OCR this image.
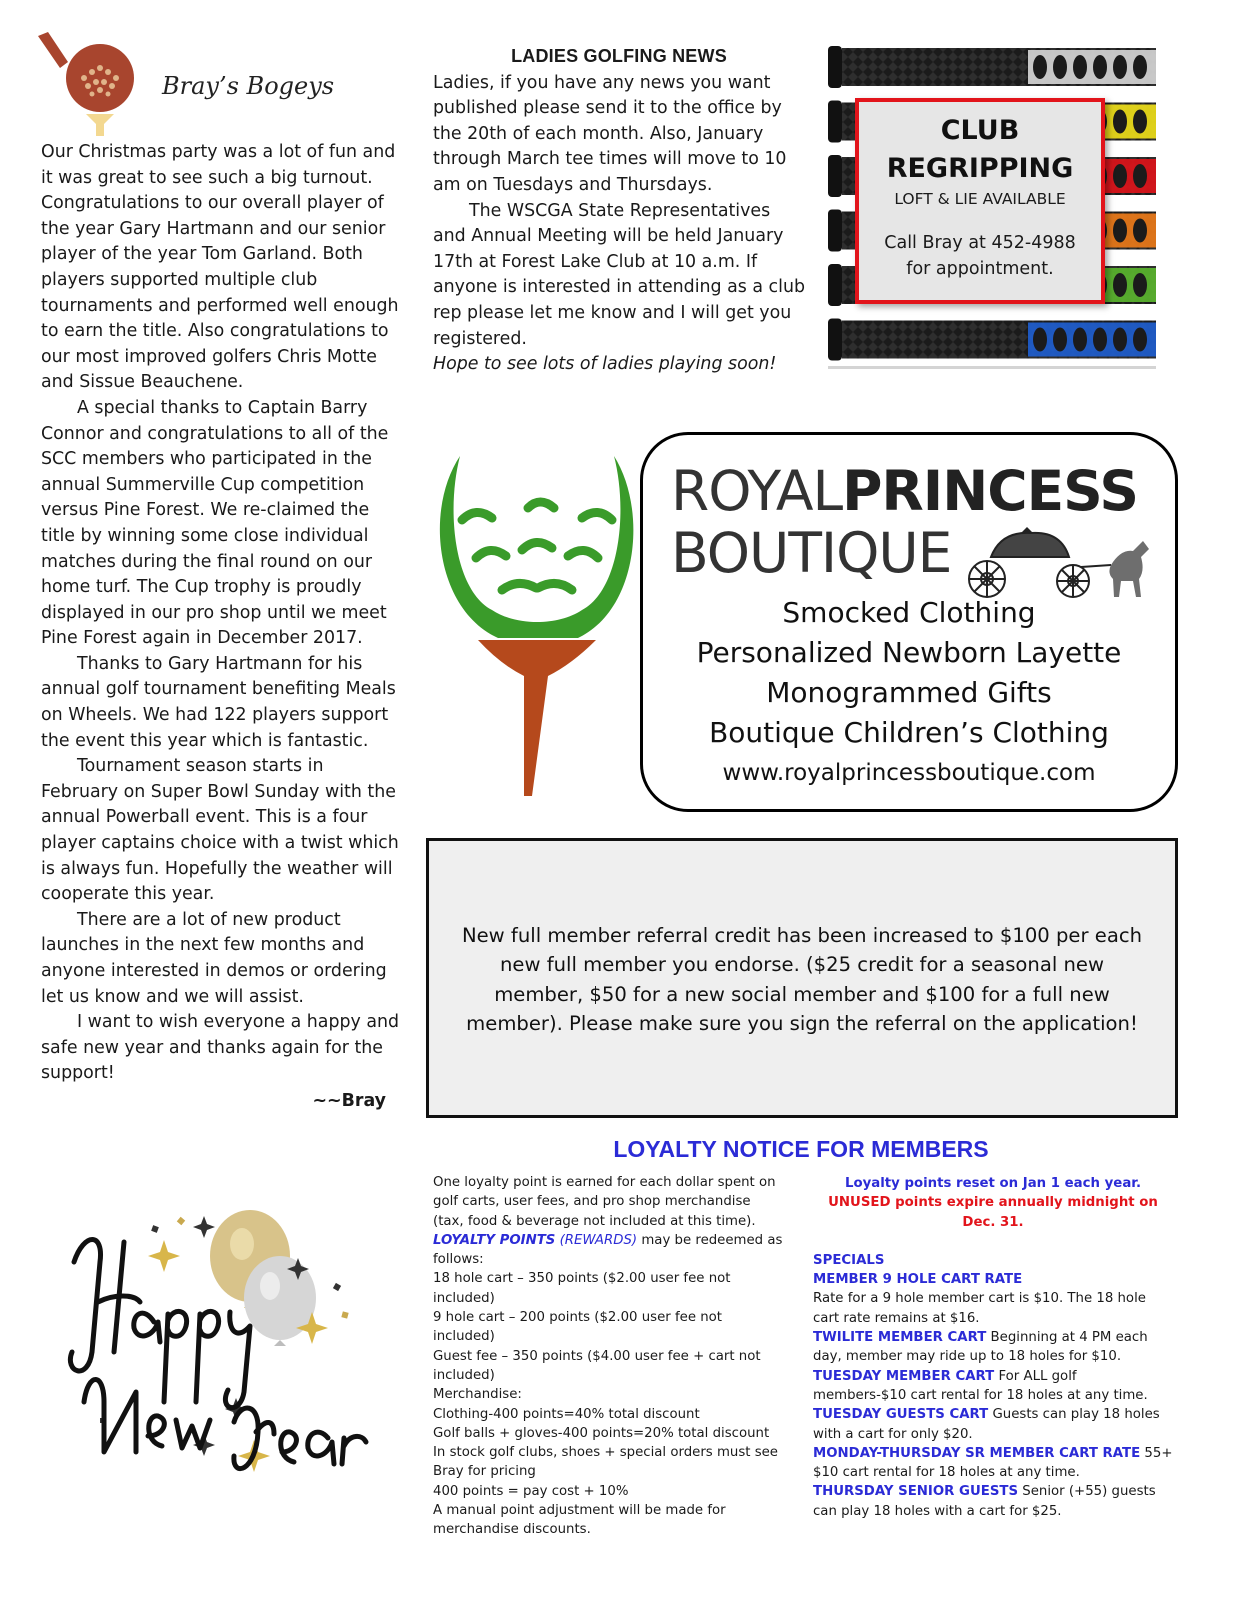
Bray’s Bogeys

Our Christmas party was a lot of fun and it was great to see such a big turnout. Congratulations to our overall player of the year Gary Hartmann and our senior player of the year Tom Garland. Both players supported multiple club tournaments and performed well enough to earn the title. Also congratulations to our most improved golfers Chris Motte and Sissue Beauchene.

A special thanks to Captain Barry Connor and congratulations to all of the SCC members who participated in the annual Summerville Cup competition versus Pine Forest. We re-claimed the title by winning some close individual matches during the final round on our home turf. The Cup trophy is proudly displayed in our pro shop until we meet Pine Forest again in December 2017.

Thanks to Gary Hartmann for his annual golf tournament benefiting Meals on Wheels. We had 122 players support the event this year which is fantastic.

Tournament season starts in February on Super Bowl Sunday with the annual Powerball event. This is a four player captains choice with a twist which is always fun. Hopefully the weather will cooperate this year.

There are a lot of new product launches in the next few months and anyone interested in demos or ordering let us know and we will assist.

I want to wish everyone a happy and safe new year and thanks again for the support!

~~Bray

LADIES GOLFING NEWS

Ladies, if you have any news you want published please send it to the office by the 20th of each month. Also, January through March tee times will move to 10 am on Tuesdays and Thursdays.

The WSCGA State Representatives and Annual Meeting will be held January 17th at Forest Lake Club at 10 a.m. If anyone is interested in attending as a club rep please let me know and I will get you registered.

Hope to see lots of ladies playing soon!

CLUB
REGRIPPING
LOFT & LIE AVAILABLE
Call Bray at 452-4988
for appointment.
ROYALPRINCESS
BOUTIQUE
Smocked Clothing
Personalized Newborn Layette
Monogrammed Gifts
Boutique Children’s Clothing
www.royalprincessboutique.com
New full member referral credit has been increased to $100 per each new full member you endorse. ($25 credit for a seasonal new member, $50 for a new social member and $100 for a full new member). Please make sure you sign the referral on the application!
LOYALTY NOTICE FOR MEMBERS
One loyalty point is earned for each dollar spent on golf carts, user fees, and pro shop merchandise (tax, food & beverage not included at this time).
LOYALTY POINTS (REWARDS) may be redeemed as follows:
18 hole cart – 350 points ($2.00 user fee not included)
9 hole cart – 200 points ($2.00 user fee not included)
Guest fee – 350 points ($4.00 user fee + cart not included)
Merchandise:
Clothing-400 points=40% total discount
Golf balls + gloves-400 points=20% total discount
In stock golf clubs, shoes + special orders must see Bray for pricing
400 points = pay cost + 10%
A manual point adjustment will be made for merchandise discounts.
Loyalty points reset on Jan 1 each year.
UNUSED points expire annually midnight on Dec. 31.
SPECIALS
MEMBER 9 HOLE CART RATE
Rate for a 9 hole member cart is $10. The 18 hole cart rate remains at $16.
TWILITE MEMBER CART Beginning at 4 PM each day, member may ride up to 18 holes for $10.
TUESDAY MEMBER CART For ALL golf members-$10 cart rental for 18 holes at any time.
TUESDAY GUESTS CART Guests can play 18 holes with a cart for only $20.
MONDAY-THURSDAY SR MEMBER CART RATE 55+ $10 cart rental for 18 holes at any time.
THURSDAY SENIOR GUESTS Senior (+55) guests can play 18 holes with a cart for $25.
